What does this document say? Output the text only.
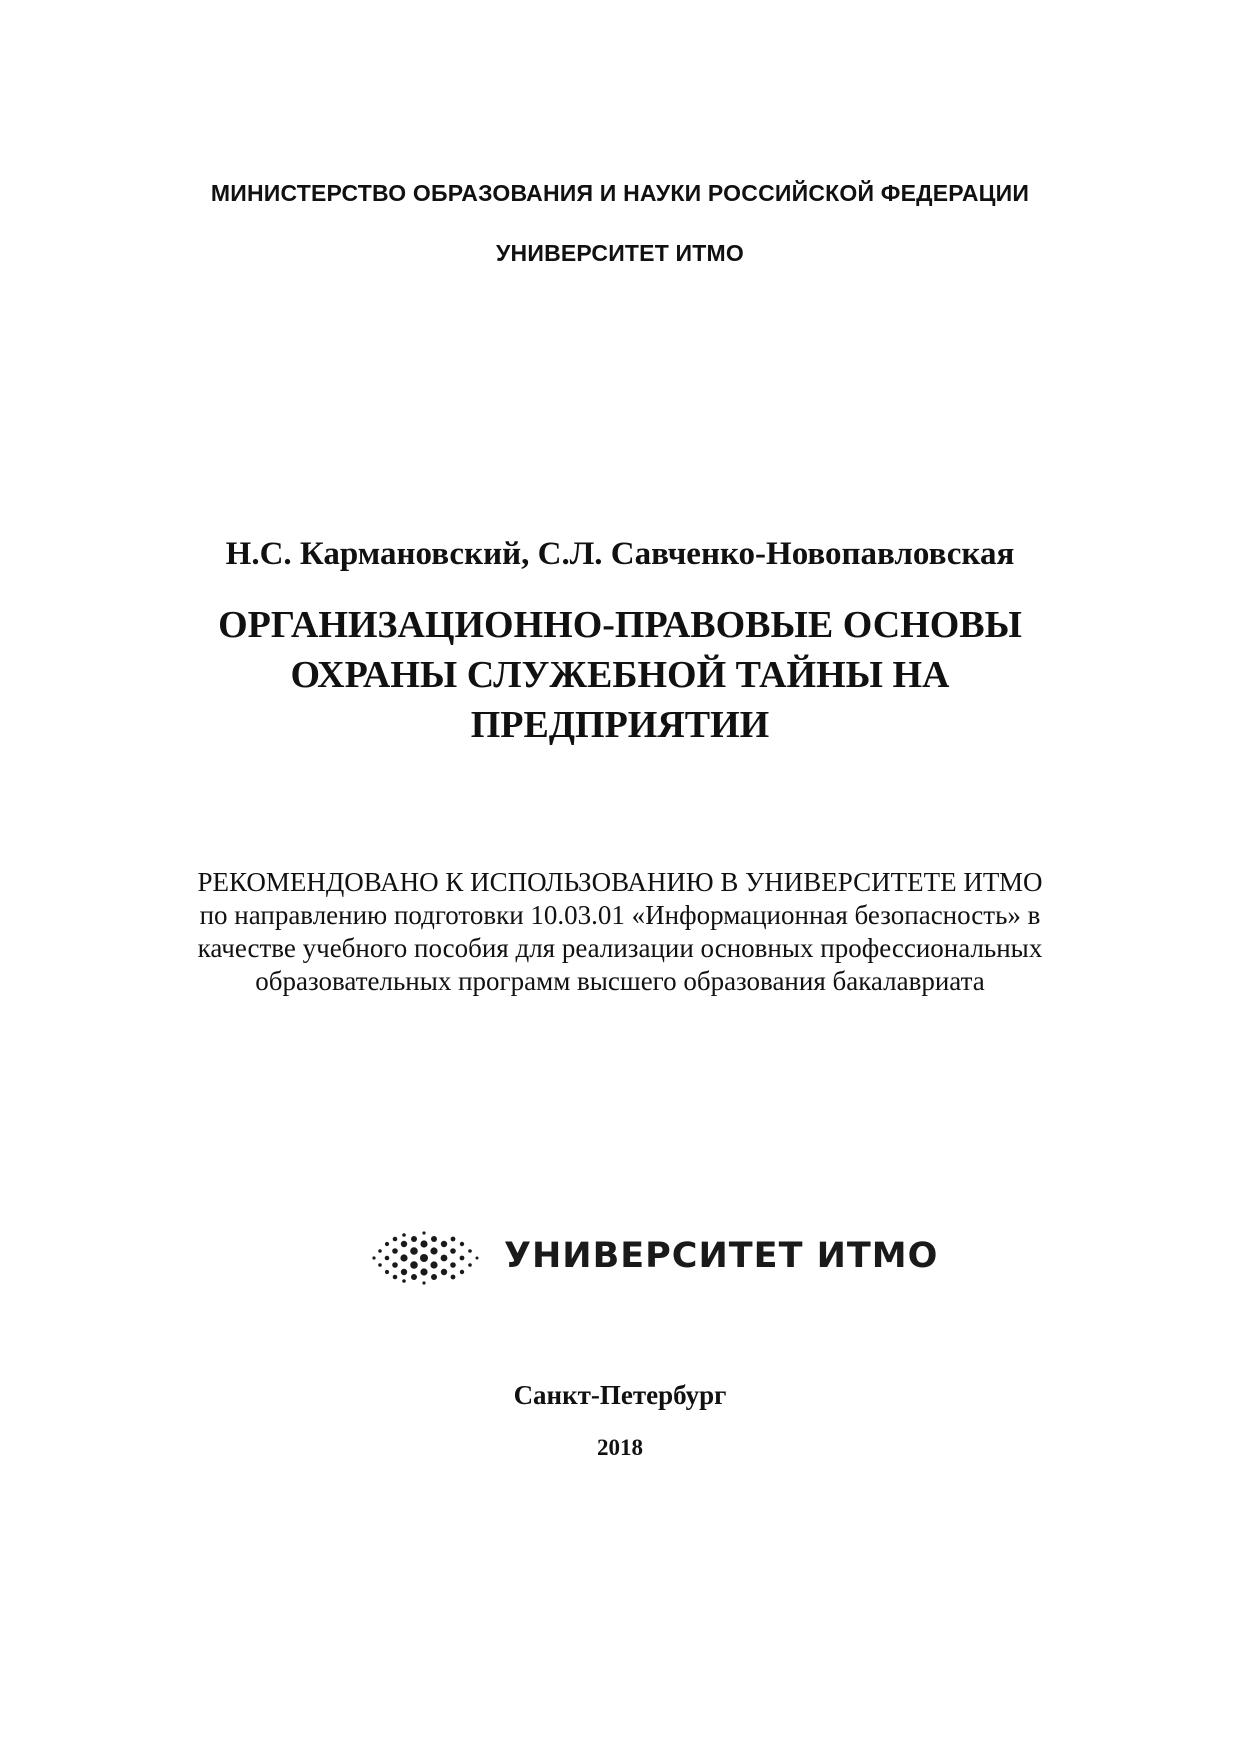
МИНИСТЕРСТВО ОБРАЗОВАНИЯ И НАУКИ РОССИЙСКОЙ ФЕДЕРАЦИИ
УНИВЕРСИТЕТ ИТМО
Н.С. Кармановский, С.Л. Савченко-Новопавловская
ОРГАНИЗАЦИОННО-ПРАВОВЫЕ ОСНОВЫ
ОХРАНЫ СЛУЖЕБНОЙ ТАЙНЫ НА
ПРЕДПРИЯТИИ
РЕКОМЕНДОВАНО К ИСПОЛЬЗОВАНИЮ В УНИВЕРСИТЕТЕ ИТМО
по направлению подготовки 10.03.01 «Информационная безопасность» в
качестве учебного пособия для реализации основных профессиональных
образовательных программ высшего образования бакалавриата
УНИВЕРСИТЕТ ИТМО
Санкт-Петербург
2018
